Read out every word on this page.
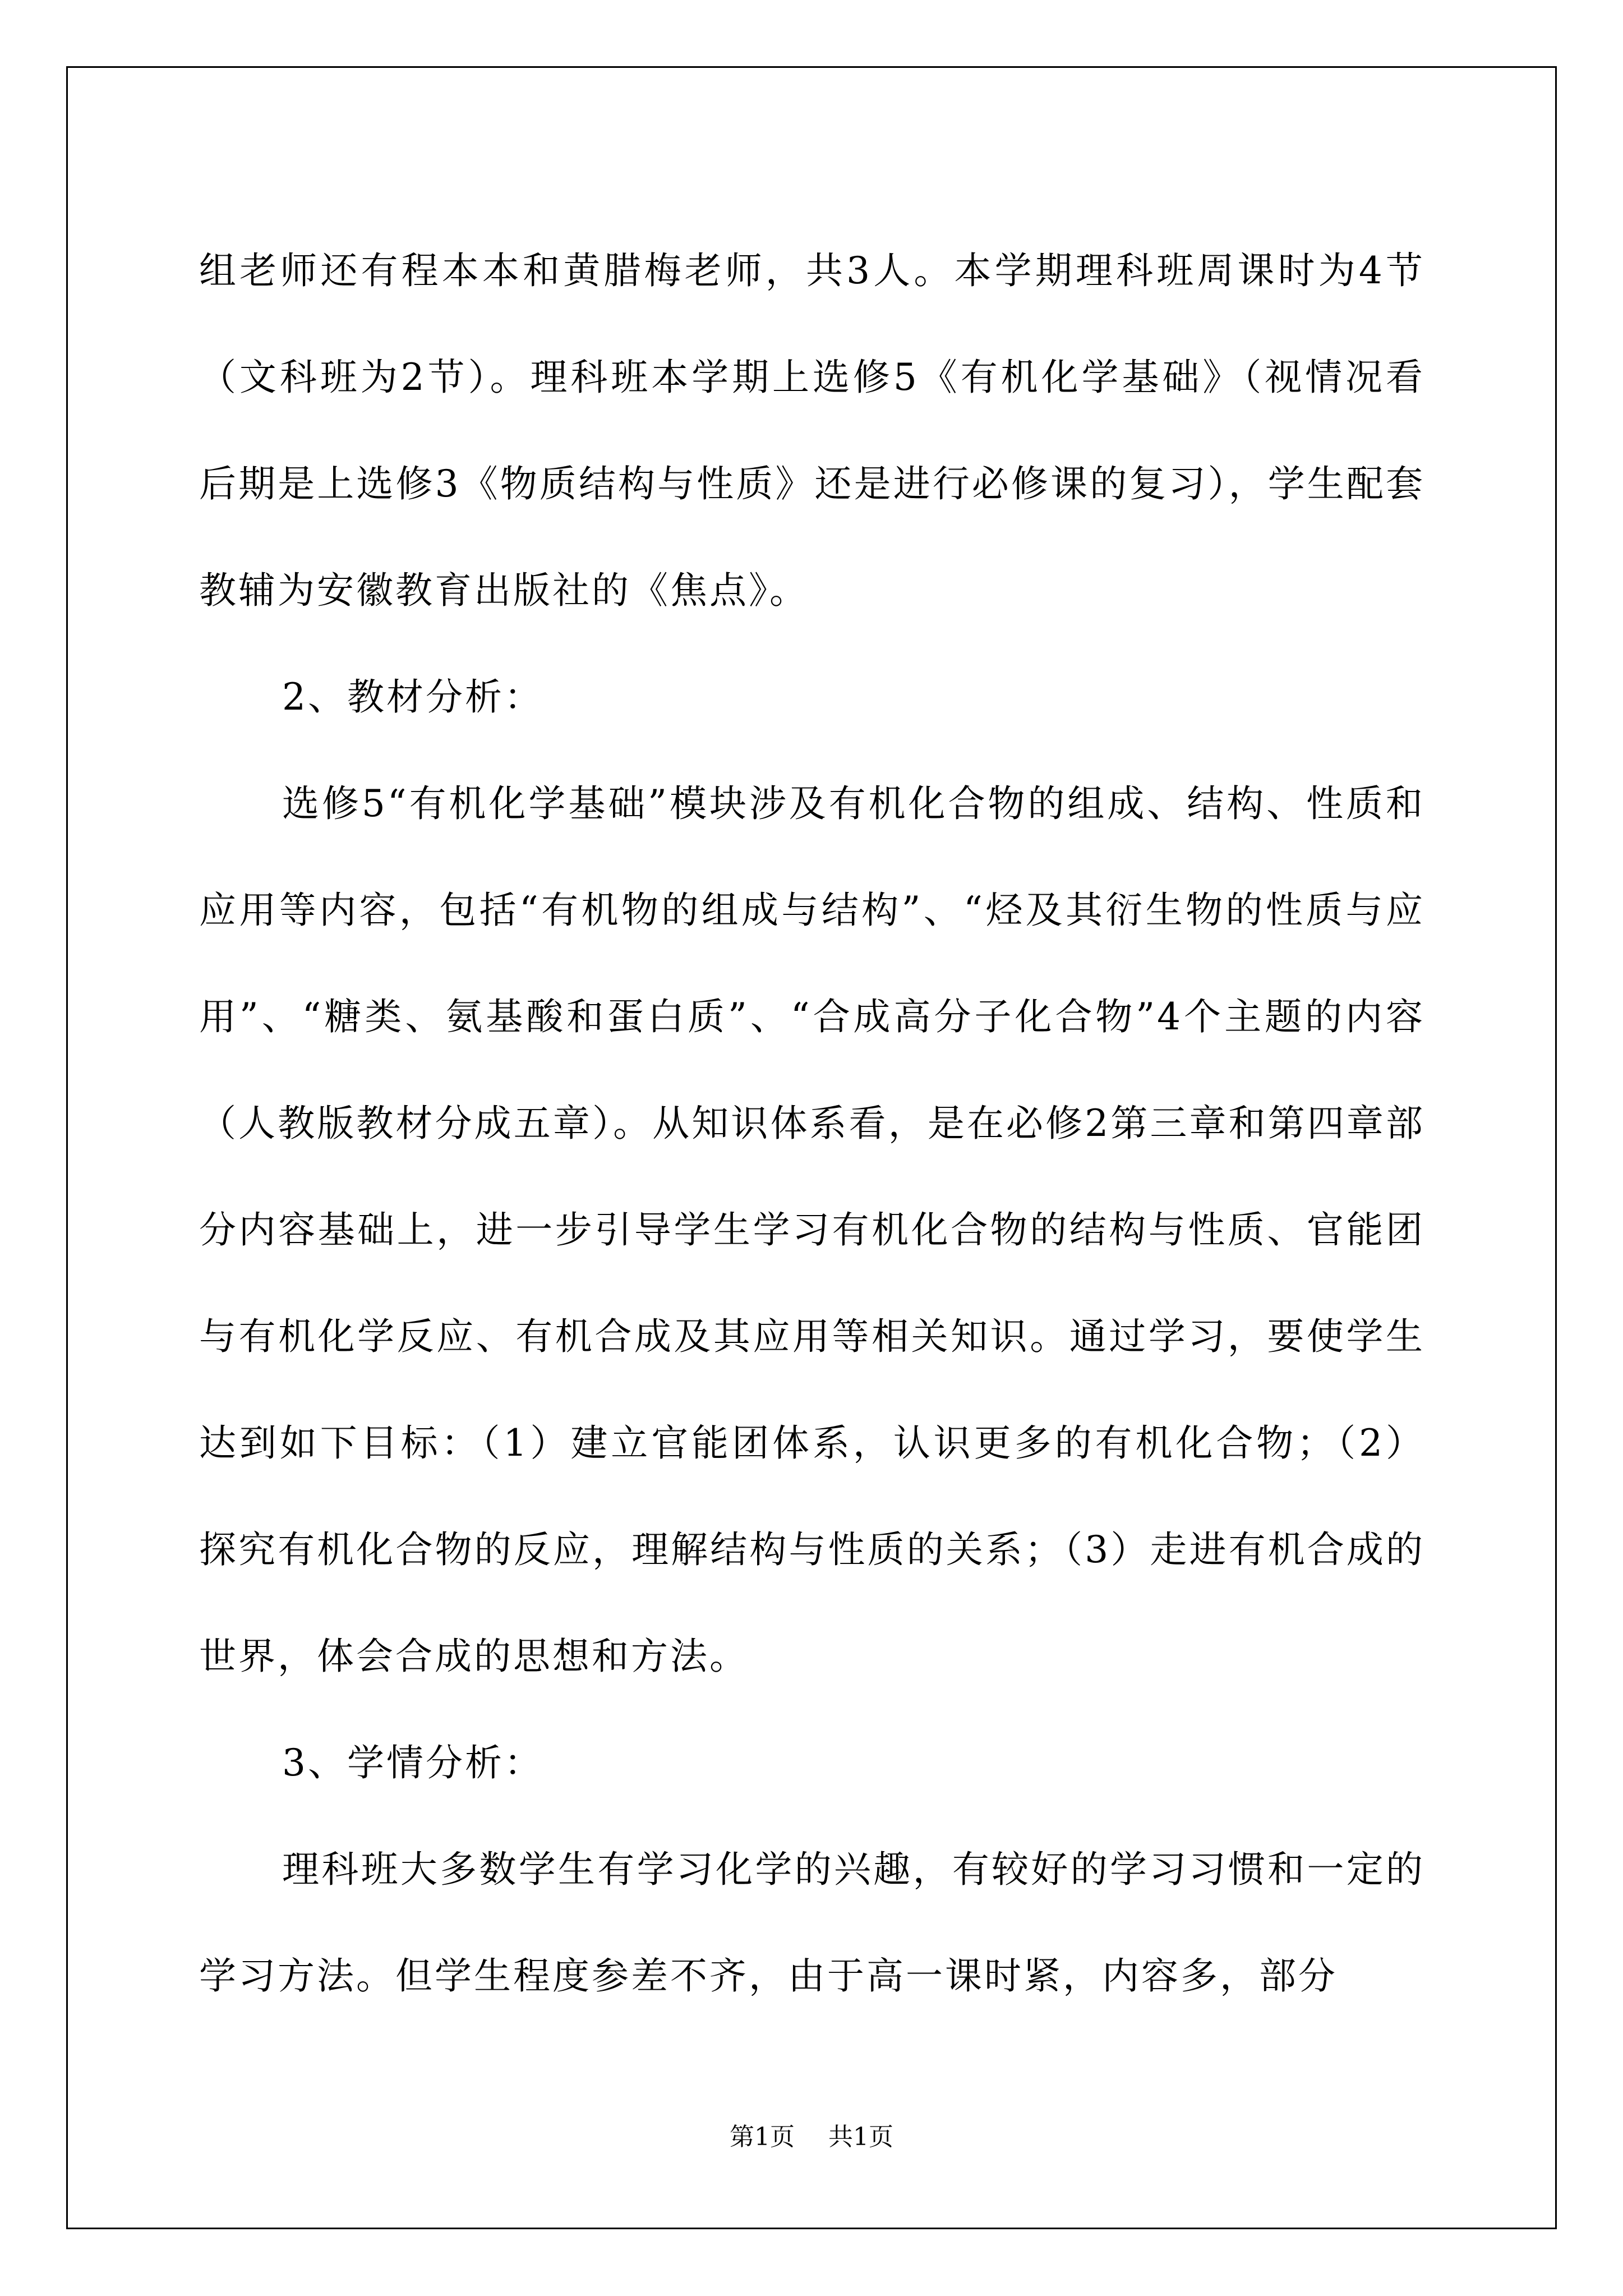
组老师还有程本本和黄腊梅老师，共3人。本学期理科班周课时为4节（文科班为2节）。理科班本学期上选修5《有机化学基础》（视情况看后期是上选修3《物质结构与性质》还是进行必修课的复习），学生配套教辅为安徽教育出版社的《焦点》。

2、教材分析：

选修5“有机化学基础”模块涉及有机化合物的组成、结构、性质和应用等内容，包括“有机物的组成与结构”、“烃及其衍生物的性质与应用”、“糖类、氨基酸和蛋白质”、“合成高分子化合物”4个主题的内容（人教版教材分成五章）。从知识体系看，是在必修2第三章和第四章部分内容基础上，进一步引导学生学习有机化合物的结构与性质、官能团与有机化学反应、有机合成及其应用等相关知识。通过学习，要使学生达到如下目标：（1）建立官能团体系，认识更多的有机化合物；（2）探究有机化合物的反应，理解结构与性质的关系；（3）走进有机合成的世界，体会合成的思想和方法。

3、学情分析：

理科班大多数学生有学习化学的兴趣，有较好的学习习惯和一定的学习方法。但学生程度参差不齐，由于高一课时紧，内容多，部分

第1页 共1页
